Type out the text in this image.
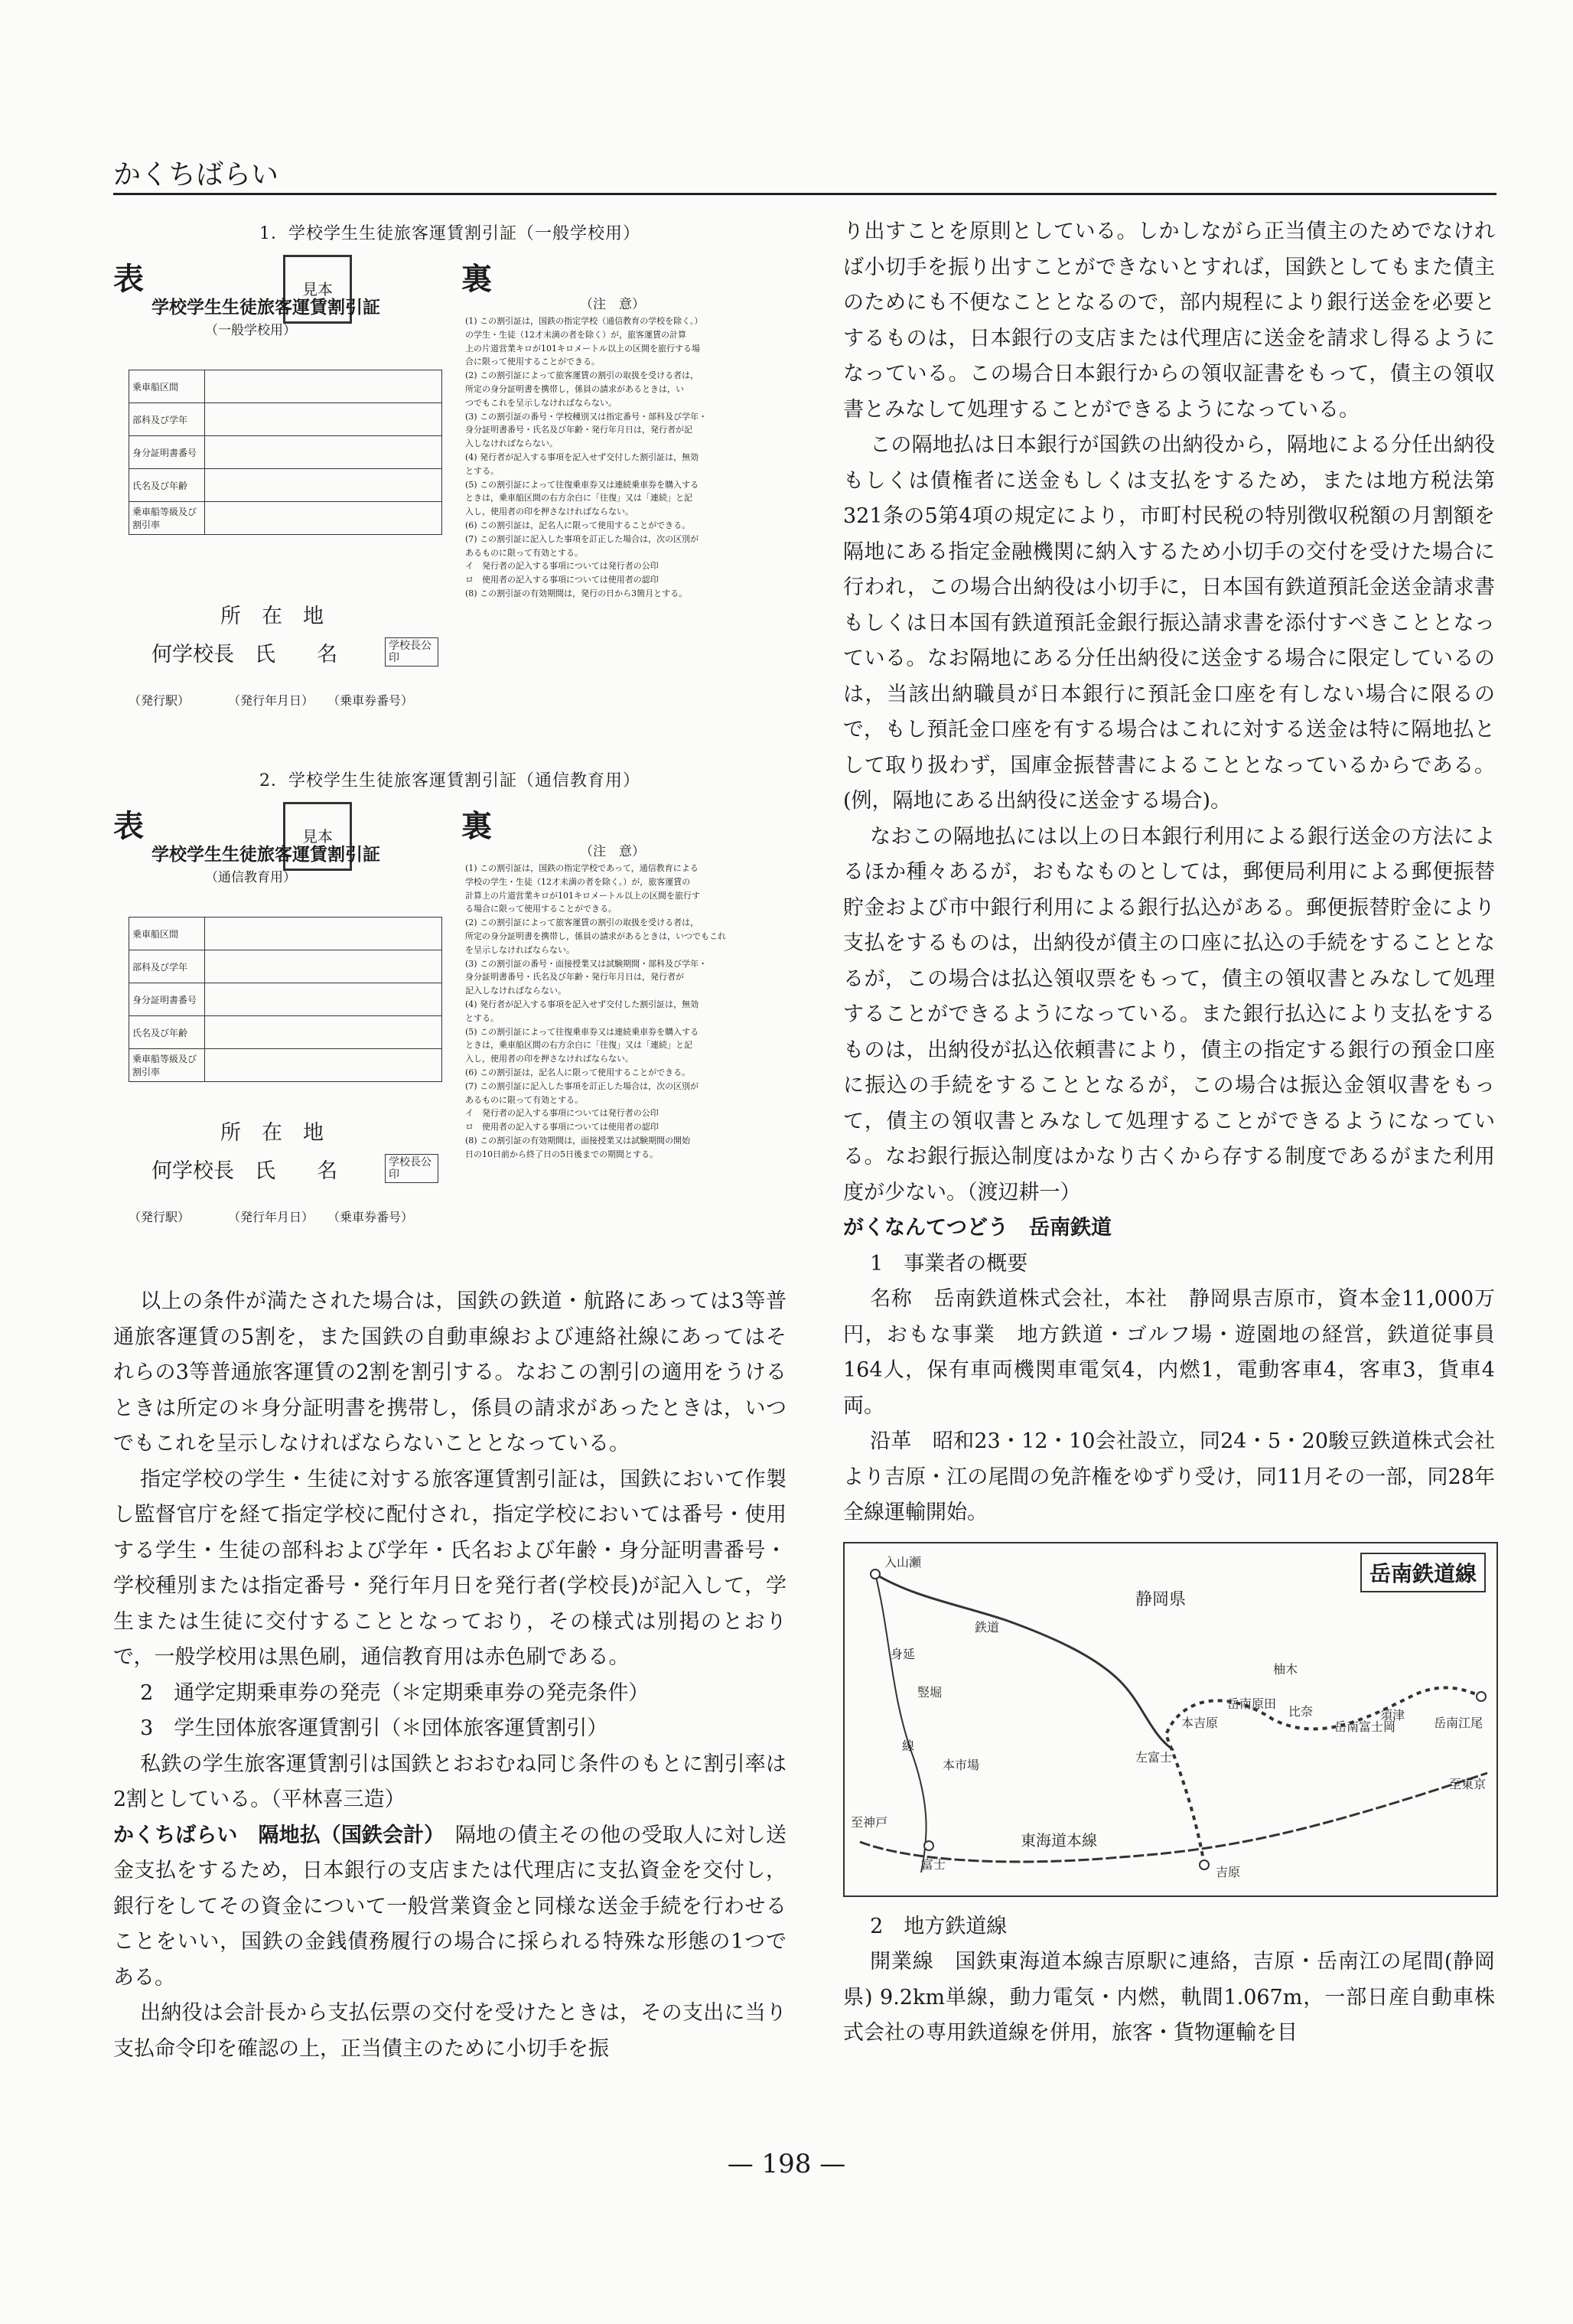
かくちばらい
1．学校学生生徒旅客運賃割引証（一般学校用）
表	裏
見本
学校学生生徒旅客運賃割引証
（一般学校用）
（注　意）
乗車船区間	
部科及び学年	
身分証明書番号	
氏名及び年齢	
乗車船等級及び割引率	
(1) この割引証は，国鉄の指定学校（通信教育の学校を除く。）
の学生・生徒（12才未満の者を除く）が，旅客運賃の計算
上の片道営業キロが101キロメートル以上の区間を旅行する場
合に限って使用することができる。
(2) この割引証によって旅客運賃の割引の取扱を受ける者は，
所定の身分証明書を携帯し，係員の請求があるときは，い
つでもこれを呈示しなければならない。
(3) この割引証の番号・学校種別又は指定番号・部科及び学年・
身分証明書番号・氏名及び年齢・発行年月日は，発行者が記
入しなければならない。
(4) 発行者が記入する事項を記入せず交付した割引証は，無効
とする。
(5) この割引証によって往復乗車券又は連続乗車券を購入する
ときは，乗車船区間の右方余白に「往復」又は「連続」と記
入し，使用者の印を押さなければならない。
(6) この割引証は，記名人に限って使用することができる。
(7) この割引証に記入した事項を訂正した場合は，次の区別が
あるものに限って有効とする。
イ　発行者の記入する事項については発行者の公印
ロ　使用者の記入する事項については使用者の認印
(8) この割引証の有効期間は，発行の日から3箇月とする。
所　在　地
何学校長　氏　　名	学校長公印
（発行駅）	（発行年月日） （乗車券番号）
2．学校学生生徒旅客運賃割引証（通信教育用）
表	裏
見本
学校学生生徒旅客運賃割引証
（通信教育用）
（注　意）
乗車船区間	
部科及び学年	
身分証明書番号	
氏名及び年齢	
乗車船等級及び割引率	
(1) この割引証は，国鉄の指定学校であって，通信教育による
学校の学生・生徒（12才未満の者を除く。）が，旅客運賃の
計算上の片道営業キロが101キロメートル以上の区間を旅行す
る場合に限って使用することができる。
(2) この割引証によって旅客運賃の割引の取扱を受ける者は，
所定の身分証明書を携帯し，係員の請求があるときは，いつでもこれ
を呈示しなければならない。
(3) この割引証の番号・面接授業又は試験期間・部科及び学年・
身分証明書番号・氏名及び年齢・発行年月日は，発行者が
記入しなければならない。
(4) 発行者が記入する事項を記入せず交付した割引証は，無効
とする。
(5) この割引証によって往復乗車券又は連続乗車券を購入する
ときは，乗車船区間の右方余白に「往復」又は「連続」と記
入し，使用者の印を押さなければならない。
(6) この割引証は，記名人に限って使用することができる。
(7) この割引証に記入した事項を訂正した場合は，次の区別が
あるものに限って有効とする。
イ　発行者の記入する事項については発行者の公印
ロ　使用者の記入する事項については使用者の認印
(8) この割引証の有効期間は，面接授業又は試験期間の開始
日の10日前から終了日の5日後までの期間とする。
所　在　地
何学校長　氏　　名	学校長公印
（発行駅）	（発行年月日） （乗車券番号）

以上の条件が満たされた場合は，国鉄の鉄道・航路にあっては3等普通旅客運賃の5割を，また国鉄の自動車線および連絡社線にあってはそれらの3等普通旅客運賃の2割を割引する。なおこの割引の適用をうけるときは所定の＊身分証明書を携帯し，係員の請求があったときは，いつでもこれを呈示しなければならないこととなっている。

指定学校の学生・生徒に対する旅客運賃割引証は，国鉄において作製し監督官庁を経て指定学校に配付され，指定学校においては番号・使用する学生・生徒の部科および学年・氏名および年齢・身分証明書番号・学校種別または指定番号・発行年月日を発行者(学校長)が記入して，学生または生徒に交付することとなっており，その様式は別掲のとおりで，一般学校用は黒色刷，通信教育用は赤色刷である。

2　通学定期乗車券の発売（＊定期乗車券の発売条件）

3　学生団体旅客運賃割引（＊団体旅客運賃割引）

私鉄の学生旅客運賃割引は国鉄とおおむね同じ条件のもとに割引率は2割としている。（平林喜三造）

かくちばらい　隔地払（国鉄会計）　 隔地の債主その他の受取人に対し送金支払をするため，日本銀行の支店または代理店に支払資金を交付し，銀行をしてその資金について一般営業資金と同様な送金手続を行わせることをいい，国鉄の金銭債務履行の場合に採られる特殊な形態の1つである。

出納役は会計長から支払伝票の交付を受けたときは，その支出に当り支払命令印を確認の上，正当債主のために小切手を振

り出すことを原則としている。しかしながら正当債主のためでなければ小切手を振り出すことができないとすれば，国鉄としてもまた債主のためにも不便なこととなるので，部内規程により銀行送金を必要とするものは，日本銀行の支店または代理店に送金を請求し得るようになっている。この場合日本銀行からの領収証書をもって，債主の領収書とみなして処理することができるようになっている。

この隔地払は日本銀行が国鉄の出納役から，隔地による分任出納役もしくは債権者に送金もしくは支払をするため，または地方税法第321条の5第4項の規定により，市町村民税の特別徴収税額の月割額を隔地にある指定金融機関に納入するため小切手の交付を受けた場合に行われ，この場合出納役は小切手に，日本国有鉄道預託金送金請求書もしくは日本国有鉄道預託金銀行振込請求書を添付すべきこととなっている。なお隔地にある分任出納役に送金する場合に限定しているのは，当該出納職員が日本銀行に預託金口座を有しない場合に限るので，もし預託金口座を有する場合はこれに対する送金は特に隔地払として取り扱わず，国庫金振替書によることとなっているからである。(例，隔地にある出納役に送金する場合)。

なおこの隔地払には以上の日本銀行利用による銀行送金の方法によるほか種々あるが，おもなものとしては，郵便局利用による郵便振替貯金および市中銀行利用による銀行払込がある。郵便振替貯金により支払をするものは，出納役が債主の口座に払込の手続をすることとなるが，この場合は払込領収票をもって，債主の領収書とみなして処理することができるようになっている。また銀行払込により支払をするものは，出納役が払込依頼書により，債主の指定する銀行の預金口座に振込の手続をすることとなるが，この場合は振込金領収書をもって，債主の領収書とみなして処理することができるようになっている。なお銀行振込制度はかなり古くから存する制度であるがまた利用度が少ない。（渡辺耕一）

がくなんてつどう　岳南鉄道

1　事業者の概要

名称　岳南鉄道株式会社，本社　静岡県吉原市，資本金11,000万円，おもな事業　地方鉄道・ゴルフ場・遊園地の経営，鉄道従事員164人，保有車両機関車電気4，内燃1，電動客車4，客車3，貨車4両。

沿革　昭和23・12・10会社設立，同24・5・20駿豆鉄道株式会社より吉原・江の尾間の免許権をゆずり受け，同11月その一部，同28年全線運輸開始。

入山瀬
静岡県
鉄道
身延
竪堀
線
本市場
東海道本線
富士
吉原
柚木
左富士
本吉原
岳南原田
比奈
岳南富士岡
須津
岳南江尾
至神戸
至東京
岳南鉄道線

2　地方鉄道線

開業線　国鉄東海道本線吉原駅に連絡，吉原・岳南江の尾間(静岡県) 9.2km単線，動力電気・内燃，軌間1.067m，一部日産自動車株式会社の専用鉄道線を併用，旅客・貨物運輸を目

— 198 —
